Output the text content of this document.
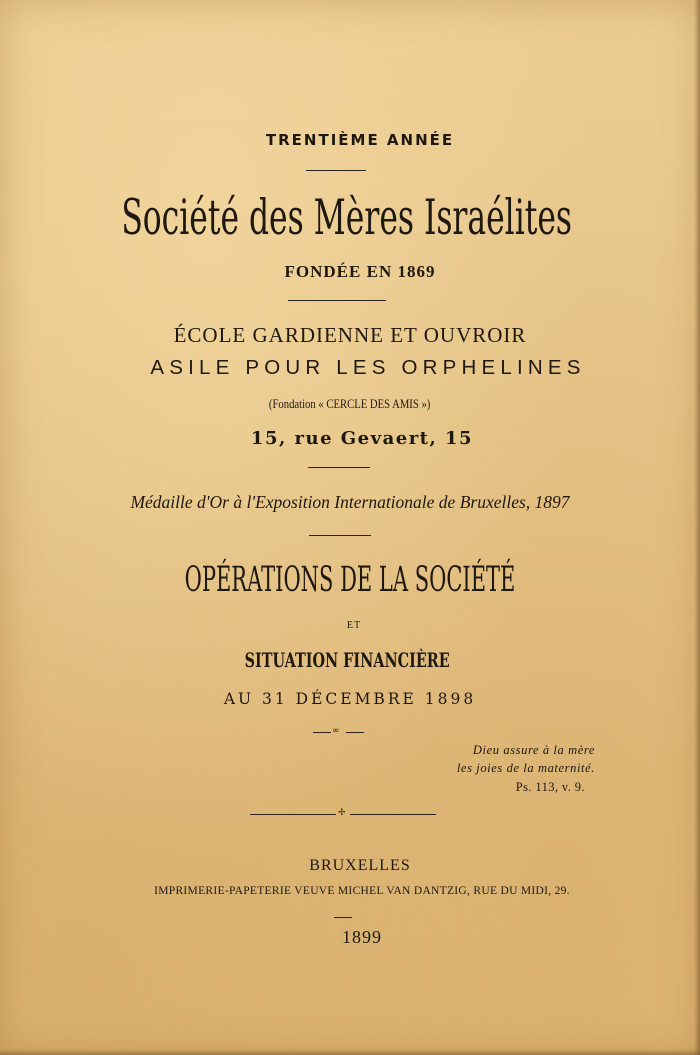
TRENTIÈME ANNÉE
Société des Mères Israélites
FONDÉE EN 1869
ÉCOLE GARDIENNE ET OUVROIR
ASILE POUR LES ORPHELINES
(Fondation « CERCLE DES AMIS »)
15, rue Gevaert, 15
Médaille d'Or à l'Exposition Internationale de Bruxelles, 1897
OPÉRATIONS DE LA SOCIÉTÉ
ET
SITUATION FINANCIÈRE
AU 31 DÉCEMBRE 1898
∞
Dieu assure à la mère
les joies de la maternité.
Ps. 113, v. 9.
✢
BRUXELLES
IMPRIMERIE-PAPETERIE VEUVE MICHEL VAN DANTZIG, RUE DU MIDI, 29.
1899
